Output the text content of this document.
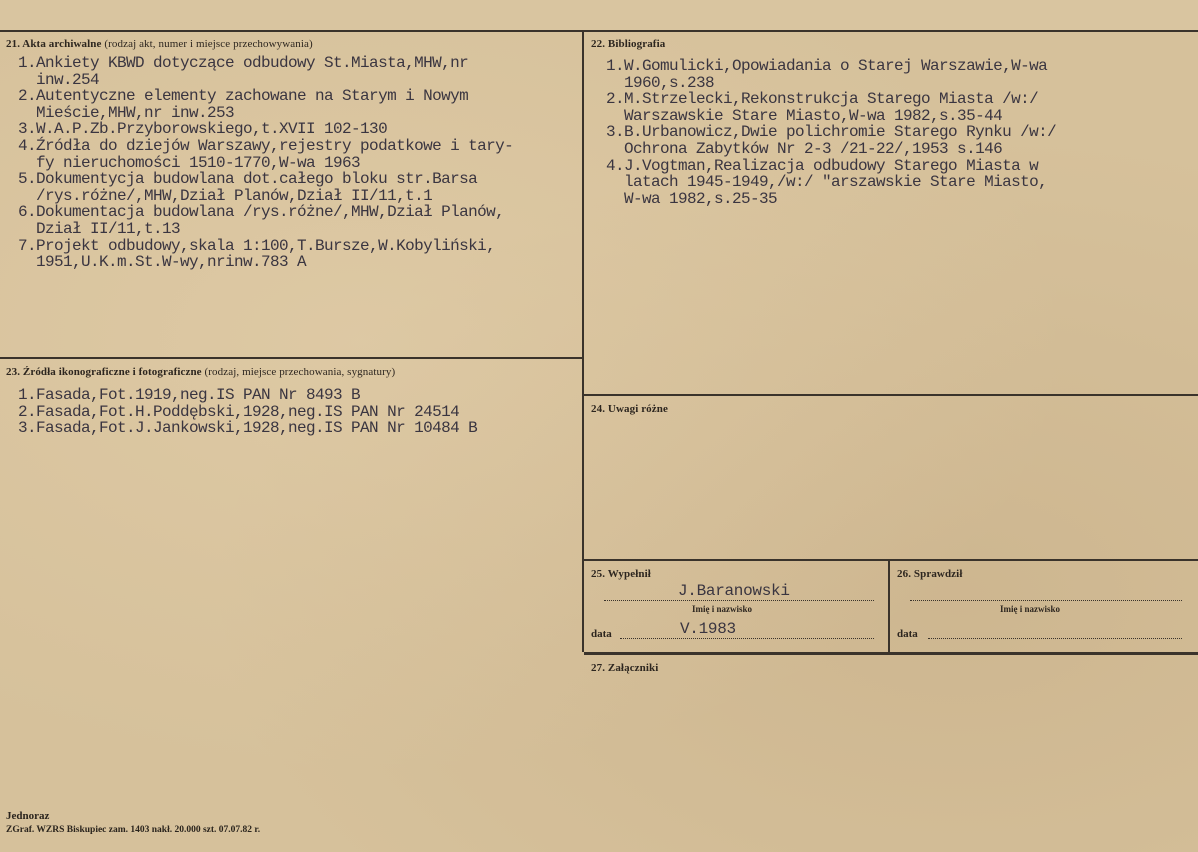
21. Akta archiwalne (rodzaj akt, numer i miejsce przechowywania)
1.Ankiety KBWD dotyczące odbudowy St.Miasta,MHW,nr
inw.254
2.Autentyczne elementy zachowane na Starym i Nowym
Mieście,MHW,nr inw.253
3.W.A.P.Zb.Przyborowskiego,t.XVII 102-130
4.Źródła do dziejów Warszawy,rejestry podatkowe i tary-
fy nieruchomości 1510-1770,W-wa 1963
5.Dokumentycja budowlana dot.całego bloku str.Barsa
/rys.różne/,MHW,Dział Planów,Dział II/11,t.1
6.Dokumentacja budowlana /rys.różne/,MHW,Dział Planów,
Dział II/11,t.13
7.Projekt odbudowy,skala 1:100,T.Bursze,W.Kobyliński,
1951,U.K.m.St.W-wy,nrinw.783 A
22. Bibliografia
1.W.Gomulicki,Opowiadania o Starej Warszawie,W-wa
1960,s.238
2.M.Strzelecki,Rekonstrukcja Starego Miasta /w:/
Warszawskie Stare Miasto,W-wa 1982,s.35-44
3.B.Urbanowicz,Dwie polichromie Starego Rynku /w:/
Ochrona Zabytków Nr 2-3 /21-22/,1953 s.146
4.J.Vogtman,Realizacja odbudowy Starego Miasta w
latach 1945-1949,/w:/ "arszawskie Stare Miasto,
W-wa 1982,s.25-35
23. Źródła ikonograficzne i fotograficzne (rodzaj, miejsce przechowania, sygnatury)
1.Fasada,Fot.1919,neg.IS PAN Nr 8493 B
2.Fasada,Fot.H.Poddębski,1928,neg.IS PAN Nr 24514
3.Fasada,Fot.J.Jankowski,1928,neg.IS PAN Nr 10484 B
24. Uwagi różne
25. Wypełnił
J.Baranowski
Imię i nazwisko
data	V.1983
26. Sprawdził
Imię i nazwisko
data
27. Załączniki
Jednoraz
ZGraf. WZRS Biskupiec zam. 1403 nakł. 20.000 szt. 07.07.82 r.
